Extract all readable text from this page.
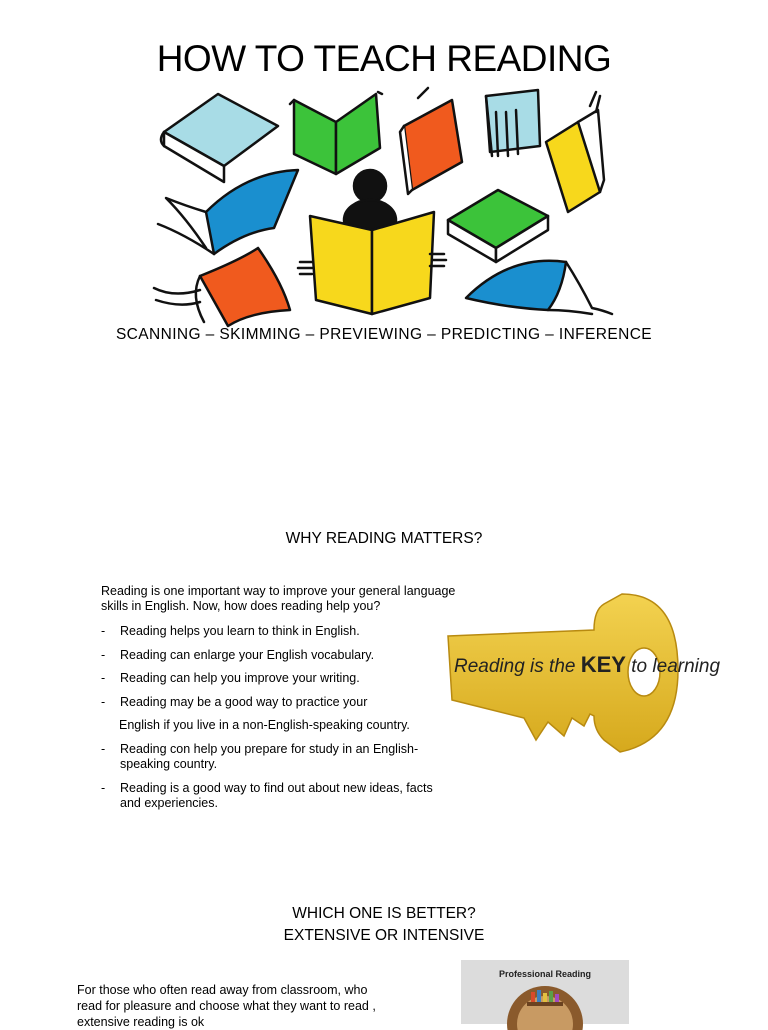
HOW TO TEACH READING
SCANNING – SKIMMING – PREVIEWING – PREDICTING – INFERENCE
WHY READING MATTERS?
Reading is one important way to improve your general language skills in English. Now, how does reading help you?
- Reading helps you learn to think in English.
- Reading can enlarge your English vocabulary.
- Reading can help you improve your writing.
- Reading may be a good way to practice your
English if you live in a non-English-speaking country.
- Reading con help you prepare for study in an English-speaking country.
- Reading is a good way to find out about new ideas, facts and experiencies.
Reading is the KEY to learning
WHICH ONE IS BETTER?
EXTENSIVE OR INTENSIVE
For those who often read away from classroom, who read for pleasure and choose what they want to read , extensive reading is ok
Professional Reading
